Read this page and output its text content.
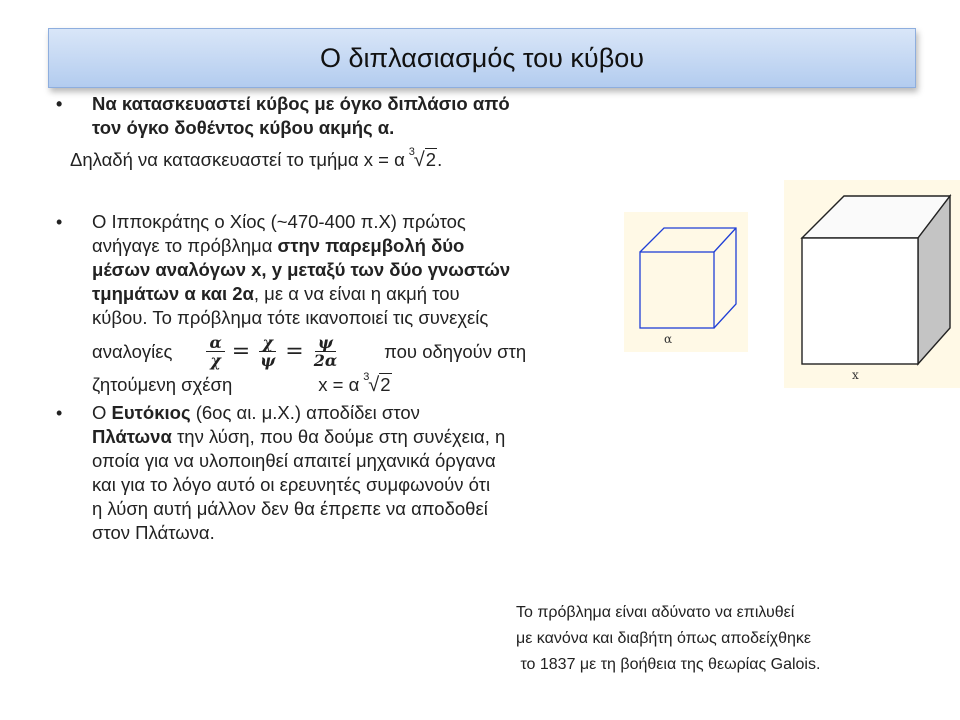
Ο διπλασιασμός του κύβου
• Να κατασκευαστεί κύβος με όγκο διπλάσιο από
τον όγκο δοθέντος κύβου ακμής α.
Δηλαδή να κατασκευαστεί το τμήμα x = α 3
√2 .
• Ο Ιπποκράτης ο Χίος (~470-400 π.Χ) πρώτος
ανήγαγε το πρόβλημα στην παρεμβολή δύο
μέσων αναλόγων x, y μεταξύ των δύο γνωστών
τμημάτων α και 2α, με α να είναι η ακμή του
κύβου. Το πρόβλημα τότε ικανοποιεί τις συνεχείς
αναλογίες $\frac{\alpha}{\chi} = \frac{\chi}{\psi} = \frac{\psi}{2\alpha}$ που οδηγούν στη
ζητούμενη σχέση	x = α 3
√2
• Ο Ευτόκιος (6ος αι. μ.Χ.) αποδίδει στον
Πλάτωνα την λύση, που θα δούμε στη συνέχεια, η
οποία για να υλοποιηθεί απαιτεί μηχανικά όργανα
και για το λόγο αυτό οι ερευνητές συμφωνούν ότι
η λύση αυτή μάλλον δεν θα έπρεπε να αποδοθεί
στον Πλάτωνα.
α
x
Το πρόβλημα είναι αδύνατο να επιλυθεί
με κανόνα και διαβήτη όπως αποδείχθηκε
το 1837 με τη βοήθεια της θεωρίας Galois.
